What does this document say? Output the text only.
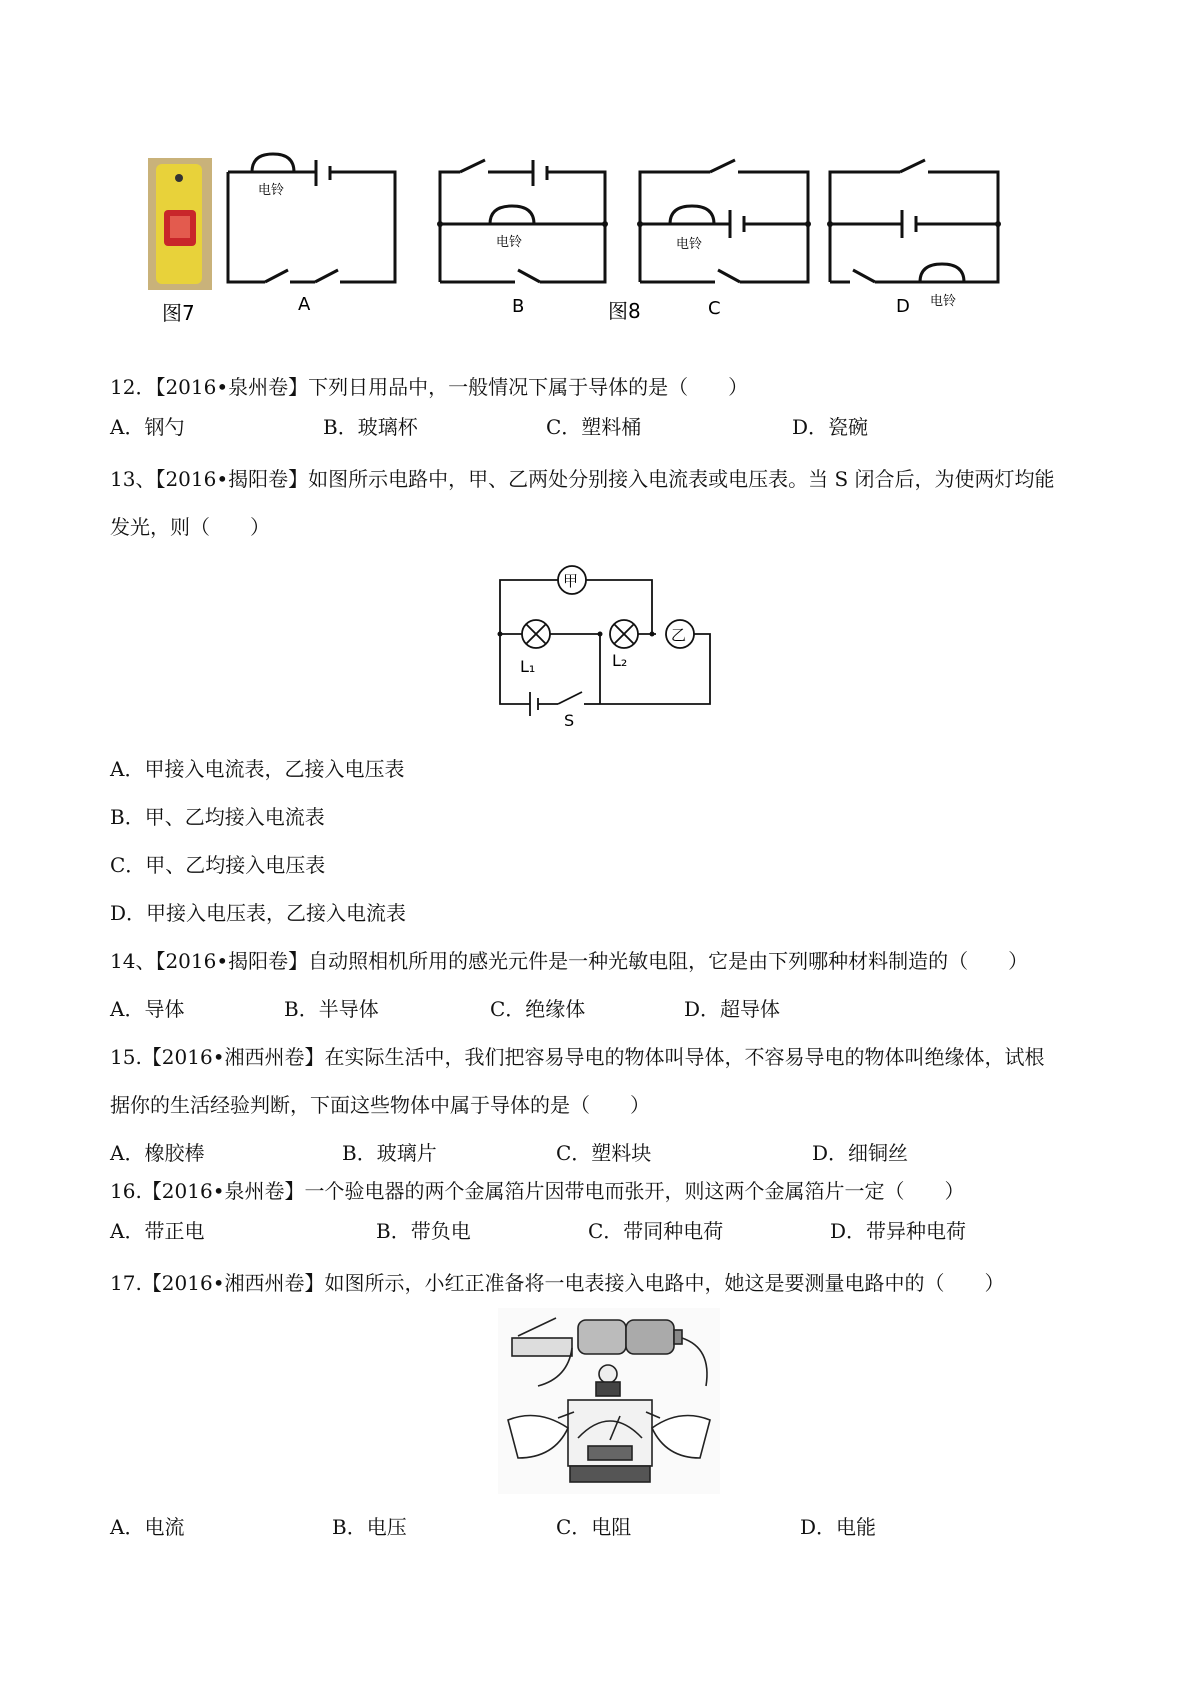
图7
电铃
A
电铃
B	图8
电铃
C	电铃
D
12．【2016•泉州卷】下列日用品中，一般情况下属于导体的是（　　）
A．钢勺	B．玻璃杯	C．塑料桶	D．瓷碗
13、【2016•揭阳卷】如图所示电路中，甲、乙两处分别接入电流表或电压表。当 S 闭合后，为使两灯均能
发光，则（　　）
甲
乙
L₁	L₂
S
A．甲接入电流表，乙接入电压表
B．甲、乙均接入电流表
C．甲、乙均接入电压表
D．甲接入电压表，乙接入电流表
14、【2016•揭阳卷】自动照相机所用的感光元件是一种光敏电阻，它是由下列哪种材料制造的（　　）
A．导体	B．半导体	C．绝缘体	D．超导体
15.【2016•湘西州卷】在实际生活中，我们把容易导电的物体叫导体，不容易导电的物体叫绝缘体，试根
据你的生活经验判断，下面这些物体中属于导体的是（　　）
A．橡胶棒	B．玻璃片	C．塑料块	D．细铜丝
16.【2016•泉州卷】一个验电器的两个金属箔片因带电而张开，则这两个金属箔片一定（　　）
A．带正电	B．带负电	C．带同种电荷	D．带异种电荷
17.【2016•湘西州卷】如图所示，小红正准备将一电表接入电路中，她这是要测量电路中的（　　）
A．电流	B．电压	C．电阻	D．电能
